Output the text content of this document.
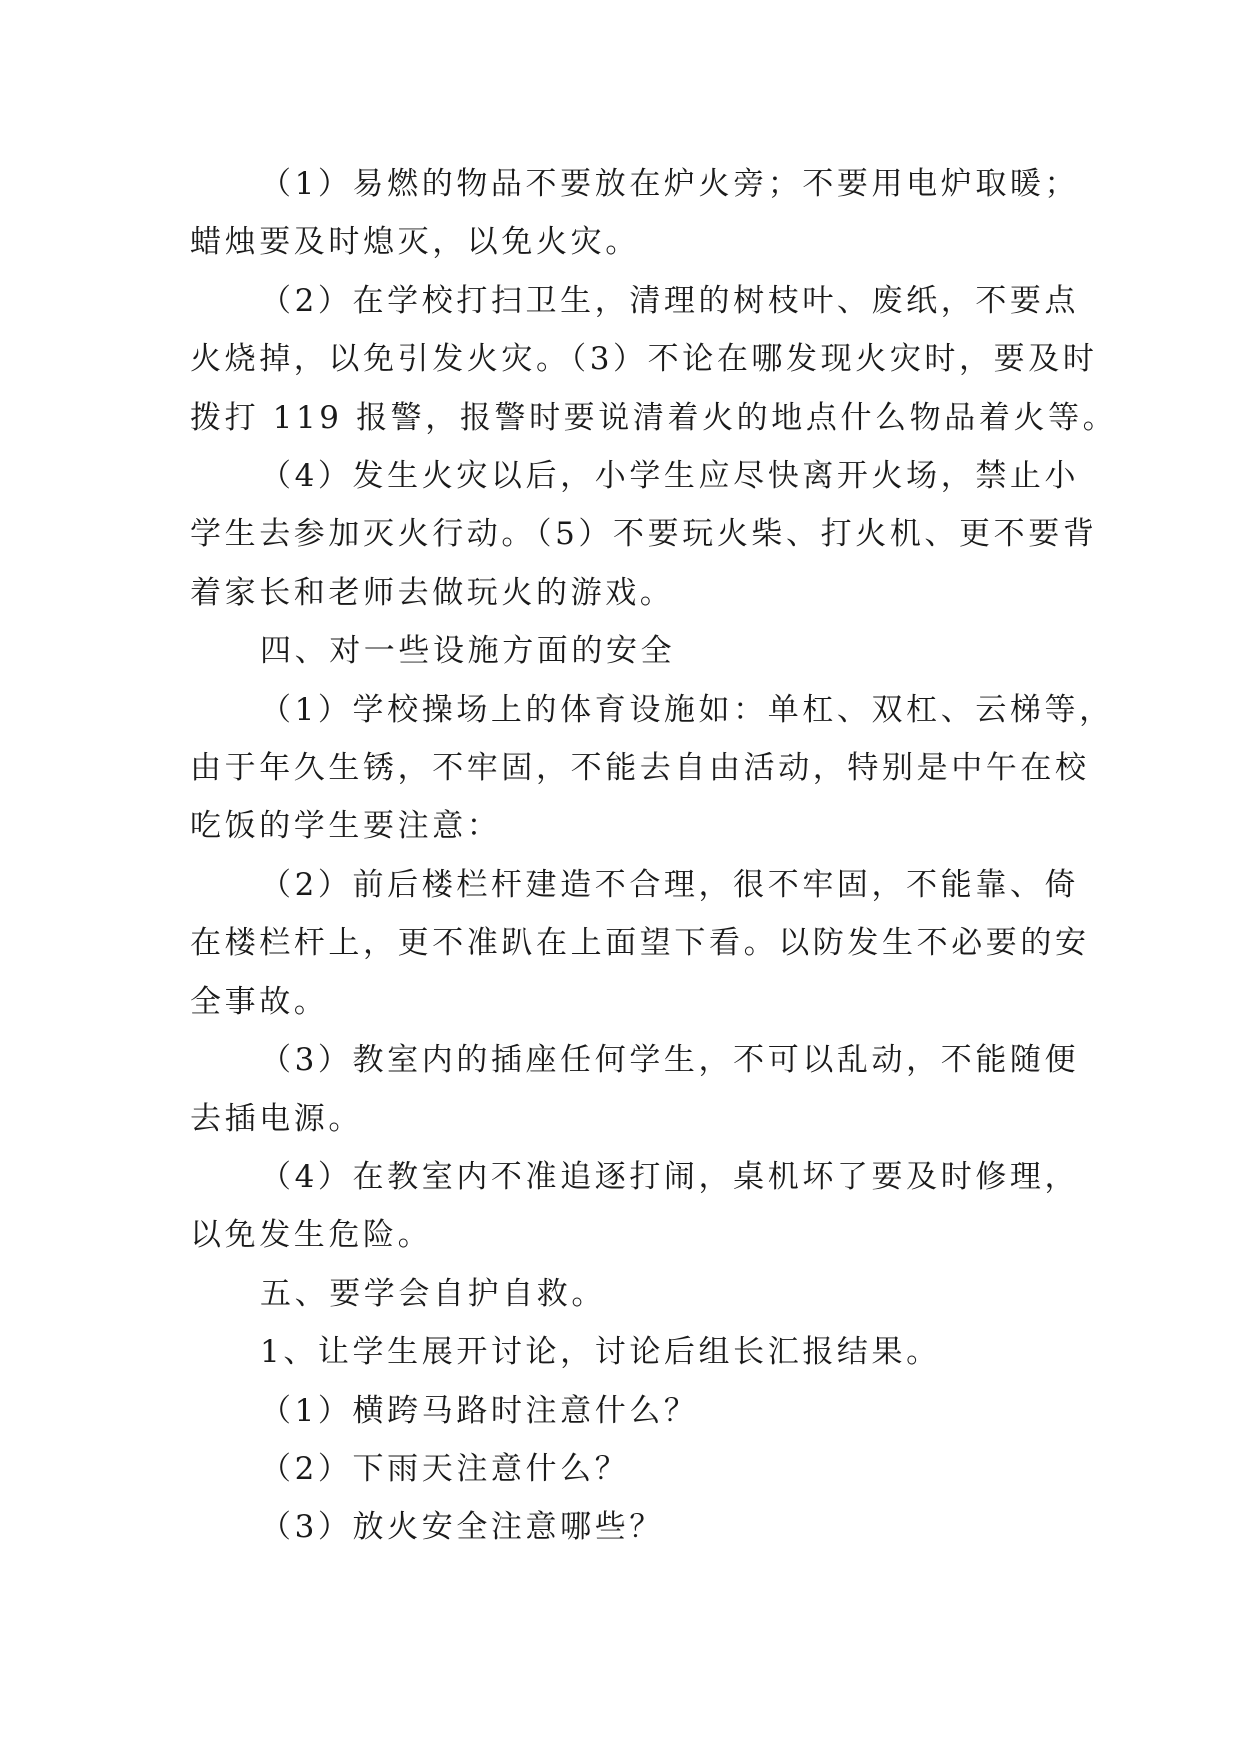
（1）易燃的物品不要放在炉火旁；不要用电炉取暖；
蜡烛要及时熄灭，以免火灾。
（2）在学校打扫卫生，清理的树枝叶、废纸，不要点
火烧掉，以免引发火灾。（3）不论在哪发现火灾时，要及时
拨打 119 报警，报警时要说清着火的地点什么物品着火等。
（4）发生火灾以后，小学生应尽快离开火场，禁止小
学生去参加灭火行动。（5）不要玩火柴、打火机、更不要背
着家长和老师去做玩火的游戏。
四、对一些设施方面的安全
（1）学校操场上的体育设施如：单杠、双杠、云梯等，
由于年久生锈，不牢固，不能去自由活动，特别是中午在校
吃饭的学生要注意：
（2）前后楼栏杆建造不合理，很不牢固，不能靠、倚
在楼栏杆上，更不准趴在上面望下看。以防发生不必要的安
全事故。
（3）教室内的插座任何学生，不可以乱动，不能随便
去插电源。
（4）在教室内不准追逐打闹，桌机坏了要及时修理，
以免发生危险。
五、要学会自护自救。
1、让学生展开讨论，讨论后组长汇报结果。
（1）横跨马路时注意什么？
（2）下雨天注意什么？
（3）放火安全注意哪些？
